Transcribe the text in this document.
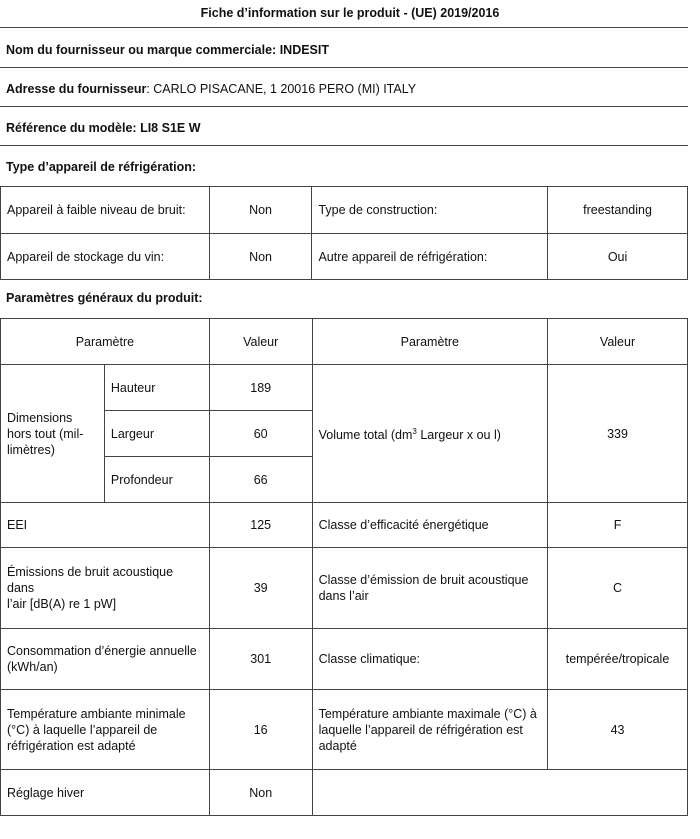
Fiche d’information sur le produit - (UE) 2019/2016
Nom du fournisseur ou marque commerciale: INDESIT
Adresse du fournisseur: CARLO PISACANE, 1 20016 PERO (MI) ITALY
Référence du modèle: LI8 S1E W
Type d’appareil de réfrigération:
Appareil à faible niveau de bruit:	Non	Type de construction:	freestanding
Appareil de stockage du vin:	Non	Autre appareil de réfrigération:	Oui
Paramètres généraux du produit:
Paramètre		Valeur	Paramètre	Valeur
Dimensions hors tout (mil-limètres)	Hauteur	189	Volume total ($dm^3$ Largeur x ou l)	339
	Largeur	60		
	Profondeur	66		
EEI		125	Classe d’efficacité énergétique	F
Émissions de bruit acoustique dans
l’air [dB(A) re 1 pW]		39	Classe d’émission de bruit acoustique dans l’air	C
Consommation d’énergie annuelle (kWh/an)		301	Classe climatique:	tempérée/tropicale
Température ambiante minimale (°C) à laquelle l’appareil de réfrigération est adapté		16	Température ambiante maximale (°C) à laquelle l’appareil de réfrigération est adapté	43
Réglage hiver		Non		
